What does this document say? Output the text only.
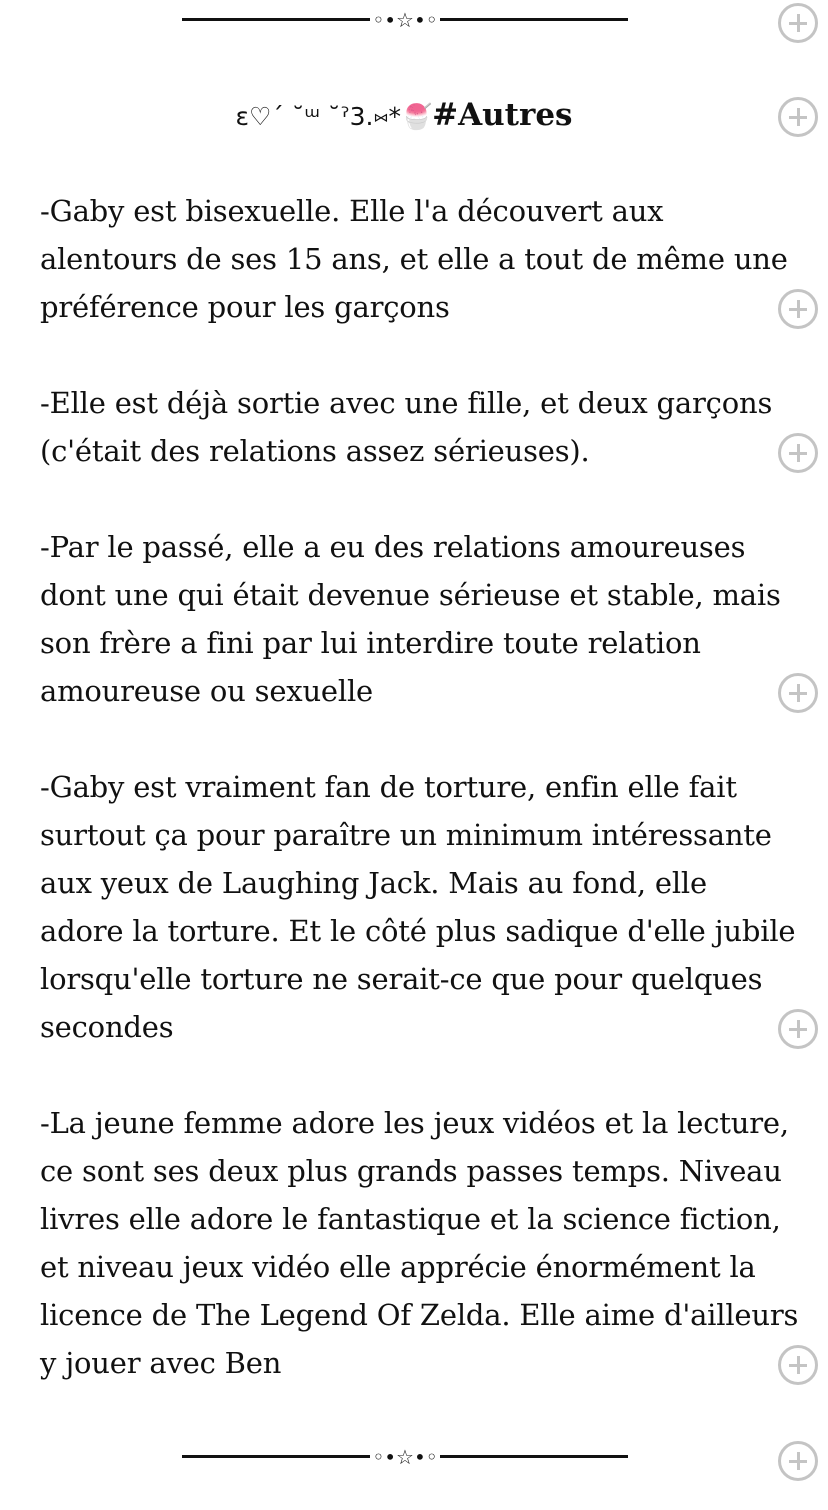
◦•☆•◦
ɛ♡ˊ ˘ᵚ ˘ˀ3.⑅*🍧#Autres

-Gaby est bisexuelle. Elle l'a découvert aux
alentours de ses 15 ans, et elle a tout de même une
préférence pour les garçons

-Elle est déjà sortie avec une fille, et deux garçons
(c'était des relations assez sérieuses).

-Par le passé, elle a eu des relations amoureuses
dont une qui était devenue sérieuse et stable, mais
son frère a fini par lui interdire toute relation
amoureuse ou sexuelle

-Gaby est vraiment fan de torture, enfin elle fait
surtout ça pour paraître un minimum intéressante
aux yeux de Laughing Jack. Mais au fond, elle
adore la torture. Et le côté plus sadique d'elle jubile
lorsqu'elle torture ne serait-ce que pour quelques
secondes

-La jeune femme adore les jeux vidéos et la lecture,
ce sont ses deux plus grands passes temps. Niveau
livres elle adore le fantastique et la science fiction,
et niveau jeux vidéo elle apprécie énormément la
licence de The Legend Of Zelda. Elle aime d'ailleurs
y jouer avec Ben

◦•☆•◦
